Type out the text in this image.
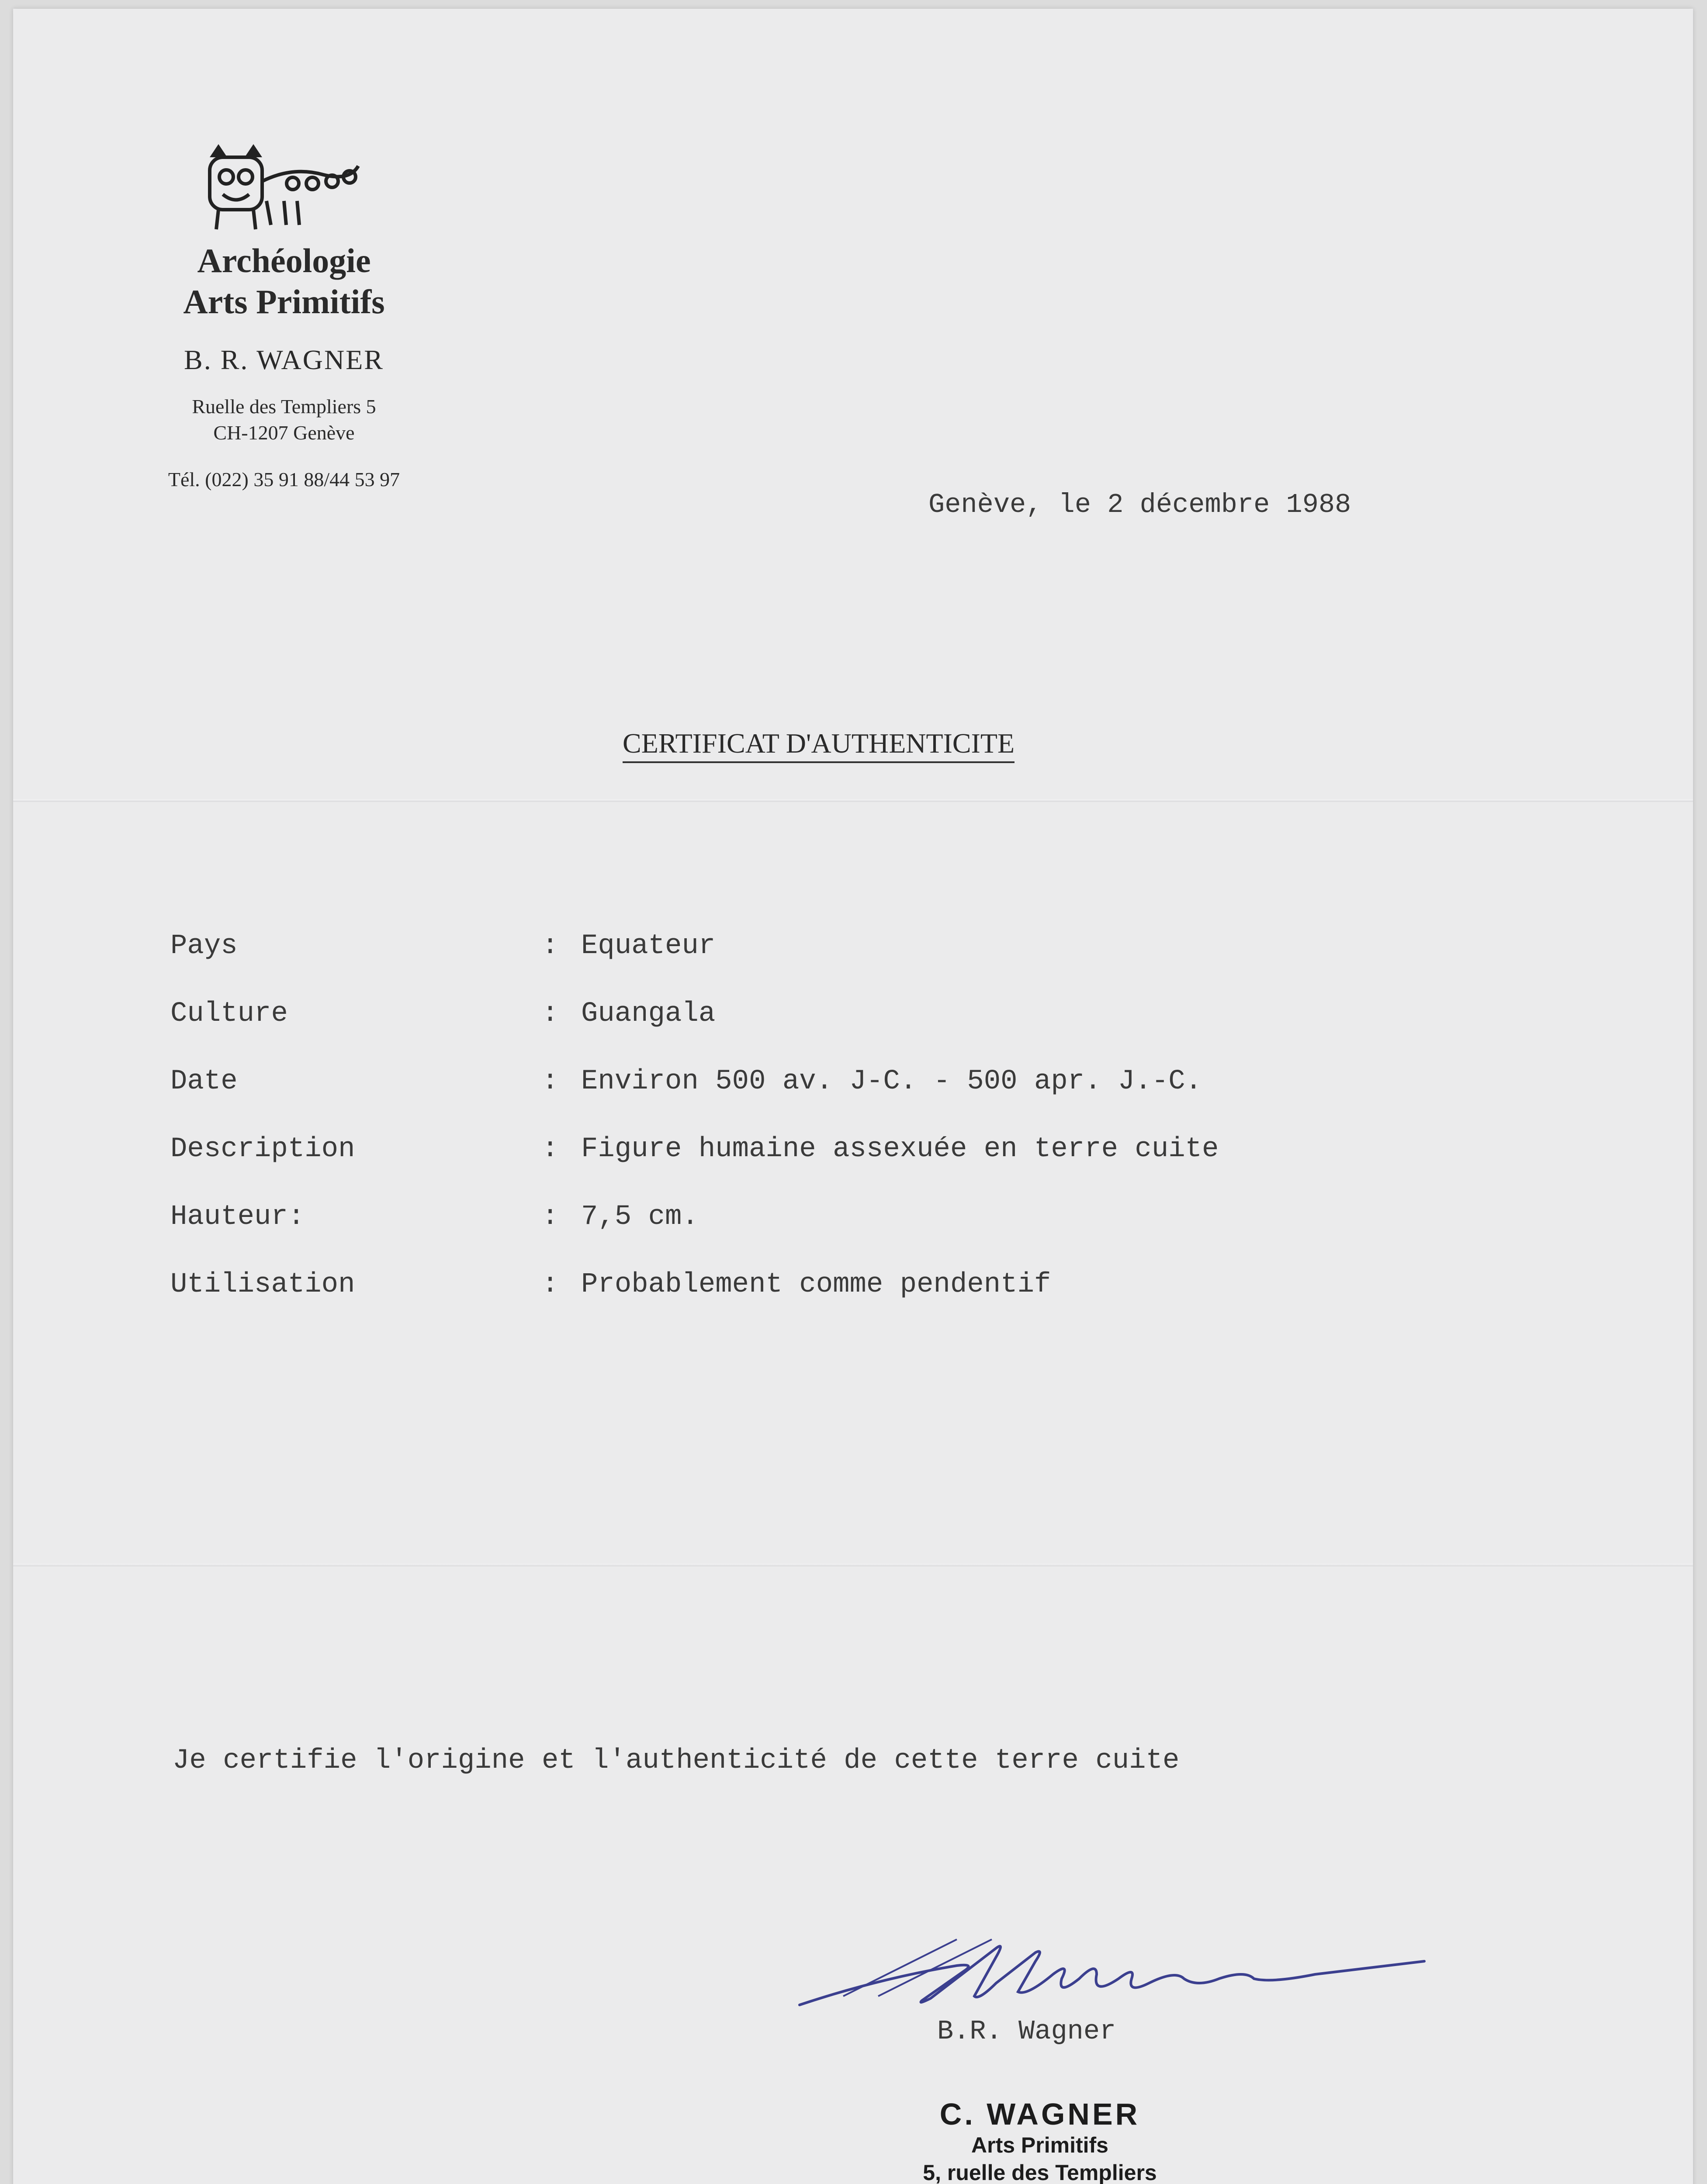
Archéologie
Arts Primitifs
B. R. WAGNER
Ruelle des Templiers 5
CH-1207 Genève
Tél. (022) 35 91 88/44 53 97
Genève, le 2 décembre 1988
CERTIFICAT D'AUTHENTICITE
Pays	: Equateur
Culture	: Guangala
Date	: Environ 500 av. J-C. - 500 apr. J.-C.
Description	: Figure humaine assexuée en terre cuite
Hauteur:	: 7,5 cm.
Utilisation	: Probablement comme pendentif
Je certifie l'origine et l'authenticité de cette terre cuite
B.R. Wagner
C. WAGNER
Arts Primitifs
5, ruelle des Templiers
